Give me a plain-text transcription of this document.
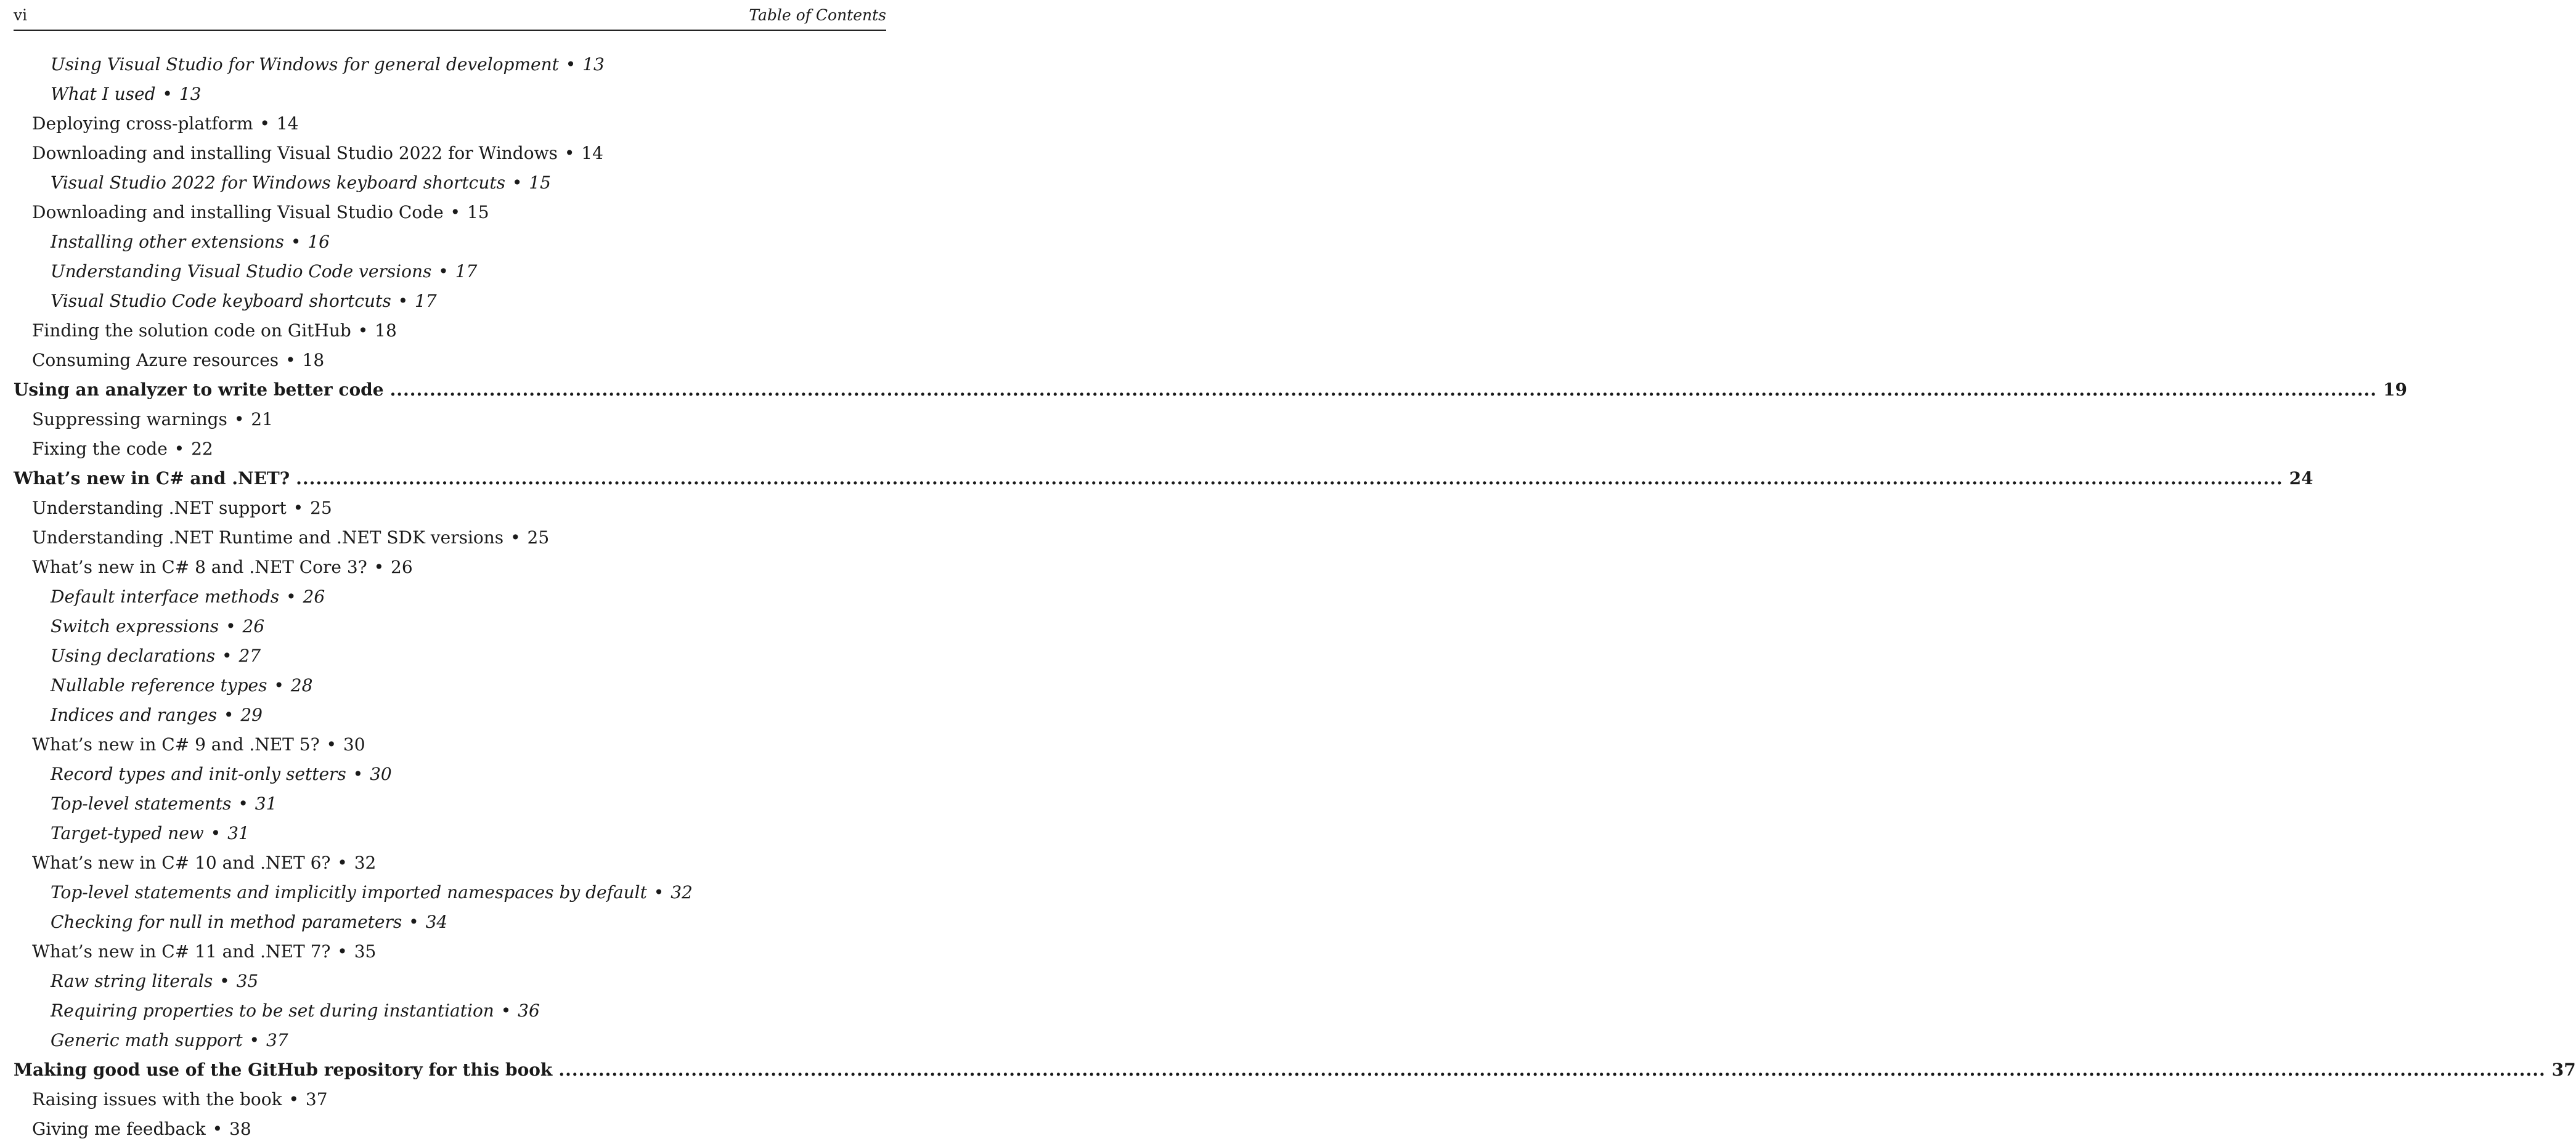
vi	Table of Contents
Using Visual Studio for Windows for general development • 13
What I used • 13
Deploying cross-platform • 14
Downloading and installing Visual Studio 2022 for Windows • 14
Visual Studio 2022 for Windows keyboard shortcuts • 15
Downloading and installing Visual Studio Code • 15
Installing other extensions • 16
Understanding Visual Studio Code versions • 17
Visual Studio Code keyboard shortcuts • 17
Finding the solution code on GitHub • 18
Consuming Azure resources • 18
Using an analyzer to write better code ............................................................................................................................................................................................................................................................................................................ 19
Suppressing warnings • 21
Fixing the code • 22
What’s new in C# and .NET? ............................................................................................................................................................................................................................................................................................................ 24
Understanding .NET support • 25
Understanding .NET Runtime and .NET SDK versions • 25
What’s new in C# 8 and .NET Core 3? • 26
Default interface methods • 26
Switch expressions • 26
Using declarations • 27
Nullable reference types • 28
Indices and ranges • 29
What’s new in C# 9 and .NET 5? • 30
Record types and init-only setters • 30
Top-level statements • 31
Target-typed new • 31
What’s new in C# 10 and .NET 6? • 32
Top-level statements and implicitly imported namespaces by default • 32
Checking for null in method parameters • 34
What’s new in C# 11 and .NET 7? • 35
Raw string literals • 35
Requiring properties to be set during instantiation • 36
Generic math support • 37
Making good use of the GitHub repository for this book ............................................................................................................................................................................................................................................................................................................ 37
Raising issues with the book • 37
Giving me feedback • 38
